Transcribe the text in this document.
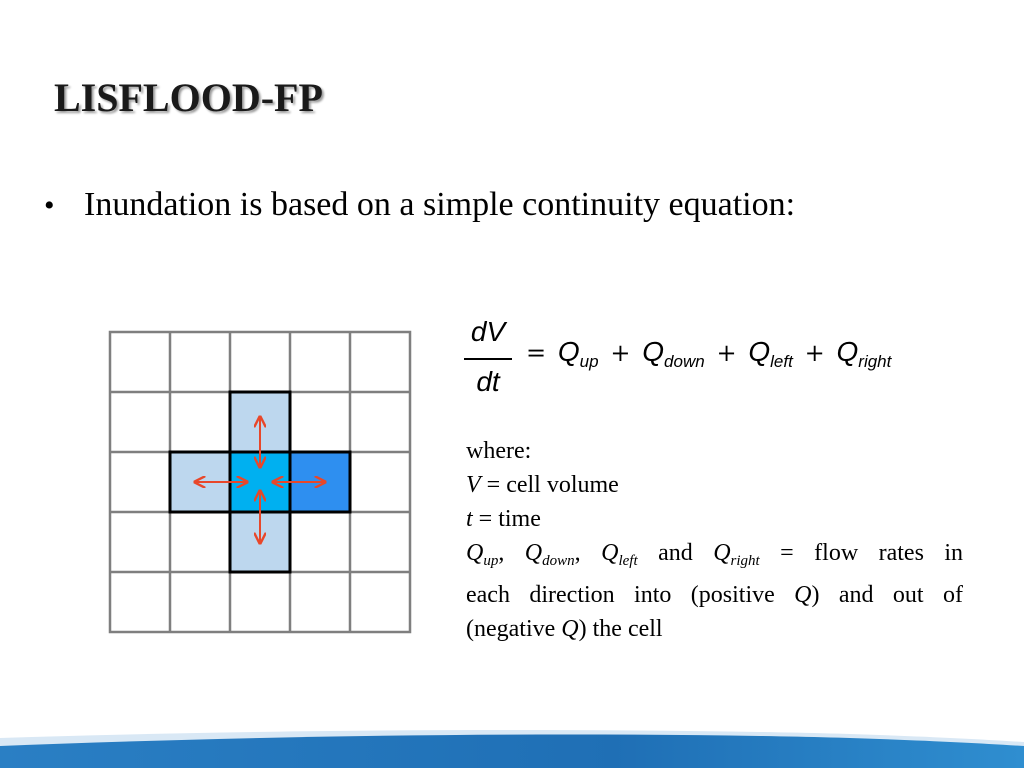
LISFLOOD-FP
• Inundation is based on a simple continuity equation:
dV
dt
= $Q_{up} + Q_{down} + Q_{left} + Q_{right}$
where:
V = cell volume
t = time
$Q_{up}$, $Q_{down}$, $Q_{left}$ and $Q_{right}$ = flow rates in
each direction into (positive Q) and out of
(negative Q) the cell
